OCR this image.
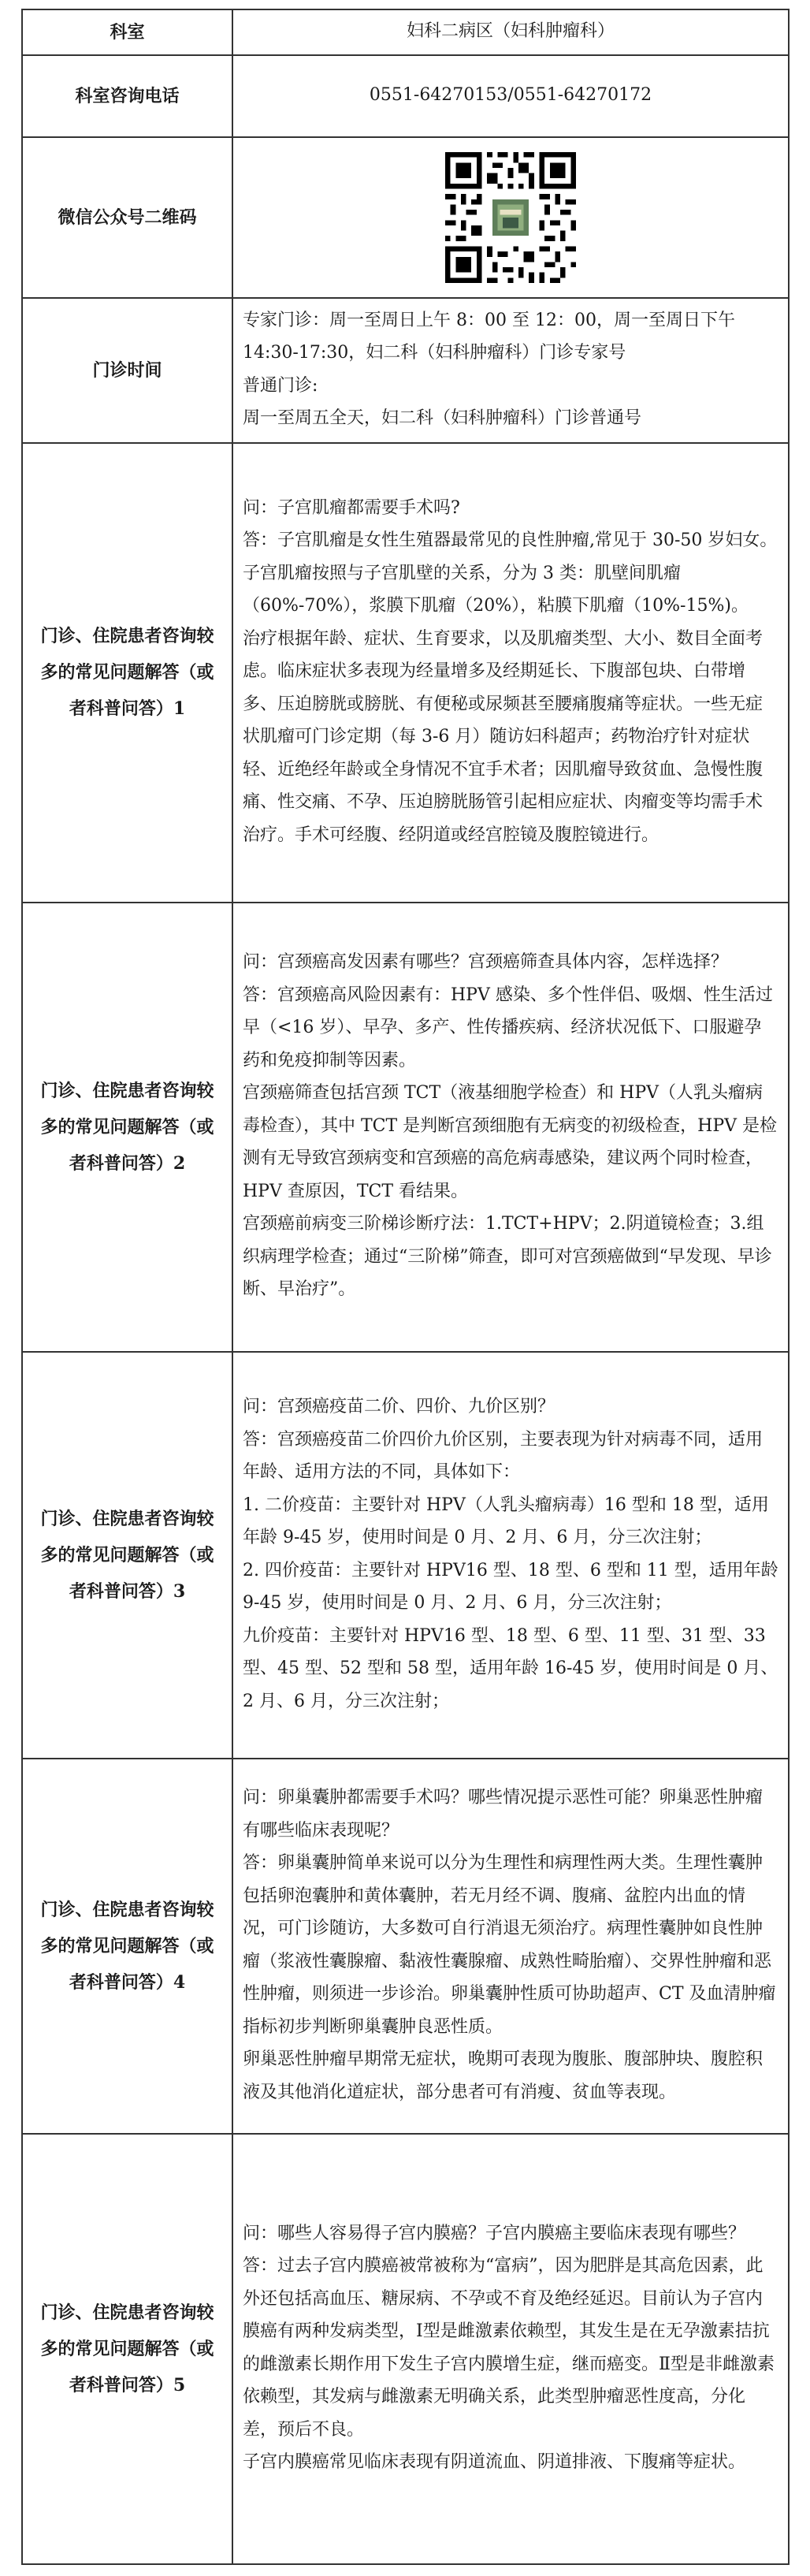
科室	妇科二病区（妇科肿瘤科）
科室咨询电话	0551-64270153/0551-64270172
微信公众号二维码	

门诊时间	专家门诊：周一至周日上午 8：00 至 12：00，周一至周日下午 14:30-17:30，妇二科（妇科肿瘤科）门诊专家号

普通门诊:

周一至周五全天，妇二科（妇科肿瘤科）门诊普通号

门诊、住院患者咨询较多的常见问题解答（或者科普问答）1	问：子宫肌瘤都需要手术吗?

答：子宫肌瘤是女性生殖器最常见的良性肿瘤,常见于 30-50 岁妇女。子宫肌瘤按照与子宫肌壁的关系，分为 3 类：肌壁间肌瘤（60%-70%），浆膜下肌瘤（20%），粘膜下肌瘤（10%-15%)。

治疗根据年龄、症状、生育要求，以及肌瘤类型、大小、数目全面考虑。临床症状多表现为经量增多及经期延长、下腹部包块、白带增多、压迫膀胱或膀胱、有便秘或尿频甚至腰痛腹痛等症状。一些无症状肌瘤可门诊定期（每 3-6 月）随访妇科超声；药物治疗针对症状轻、近绝经年龄或全身情况不宜手术者；因肌瘤导致贫血、急慢性腹痛、性交痛、不孕、压迫膀胱肠管引起相应症状、肉瘤变等均需手术治疗。手术可经腹、经阴道或经宫腔镜及腹腔镜进行。

门诊、住院患者咨询较多的常见问题解答（或者科普问答）2	问：宫颈癌高发因素有哪些？宫颈癌筛查具体内容，怎样选择？

答：宫颈癌高风险因素有：HPV 感染、多个性伴侣、吸烟、性生活过早（<16 岁）、早孕、多产、性传播疾病、经济状况低下、口服避孕药和免疫抑制等因素。

宫颈癌筛查包括宫颈 TCT（液基细胞学检查）和 HPV（人乳头瘤病毒检查），其中 TCT 是判断宫颈细胞有无病变的初级检查，HPV 是检测有无导致宫颈病变和宫颈癌的高危病毒感染，建议两个同时检查，HPV 查原因，TCT 看结果。

宫颈癌前病变三阶梯诊断疗法：1.TCT+HPV；2.阴道镜检查；3.组织病理学检查；通过“三阶梯”筛查，即可对宫颈癌做到“早发现、早诊断、早治疗”。

门诊、住院患者咨询较多的常见问题解答（或者科普问答）3	问：宫颈癌疫苗二价、四价、九价区别？

答：宫颈癌疫苗二价四价九价区别，主要表现为针对病毒不同，适用年龄、适用方法的不同，具体如下：

1. 二价疫苗：主要针对 HPV（人乳头瘤病毒）16 型和 18 型，适用年龄 9-45 岁，使用时间是 0 月、2 月、6 月，分三次注射；

2. 四价疫苗：主要针对 HPV16 型、18 型、6 型和 11 型，适用年龄 9-45 岁，使用时间是 0 月、2 月、6 月，分三次注射；

九价疫苗：主要针对 HPV16 型、18 型、6 型、11 型、31 型、33 型、45 型、52 型和 58 型，适用年龄 16-45 岁，使用时间是 0 月、2 月、6 月，分三次注射；

门诊、住院患者咨询较多的常见问题解答（或者科普问答）4	问：卵巢囊肿都需要手术吗？哪些情况提示恶性可能？卵巢恶性肿瘤有哪些临床表现呢？

答：卵巢囊肿简单来说可以分为生理性和病理性两大类。生理性囊肿包括卵泡囊肿和黄体囊肿，若无月经不调、腹痛、盆腔内出血的情况，可门诊随访，大多数可自行消退无须治疗。病理性囊肿如良性肿瘤（浆液性囊腺瘤、黏液性囊腺瘤、成熟性畸胎瘤）、交界性肿瘤和恶性肿瘤，则须进一步诊治。卵巢囊肿性质可协助超声、CT 及血清肿瘤指标初步判断卵巢囊肿良恶性质。

卵巢恶性肿瘤早期常无症状，晚期可表现为腹胀、腹部肿块、腹腔积液及其他消化道症状，部分患者可有消瘦、贫血等表现。

门诊、住院患者咨询较多的常见问题解答（或者科普问答）5	问：哪些人容易得子宫内膜癌？子宫内膜癌主要临床表现有哪些？

答：过去子宫内膜癌被常被称为“富病”，因为肥胖是其高危因素，此外还包括高血压、糖尿病、不孕或不育及绝经延迟。目前认为子宫内膜癌有两种发病类型，Ⅰ型是雌激素依赖型，其发生是在无孕激素拮抗的雌激素长期作用下发生子宫内膜增生症，继而癌变。Ⅱ型是非雌激素依赖型，其发病与雌激素无明确关系，此类型肿瘤恶性度高，分化差，预后不良。

子宫内膜癌常见临床表现有阴道流血、阴道排液、下腹痛等症状。
